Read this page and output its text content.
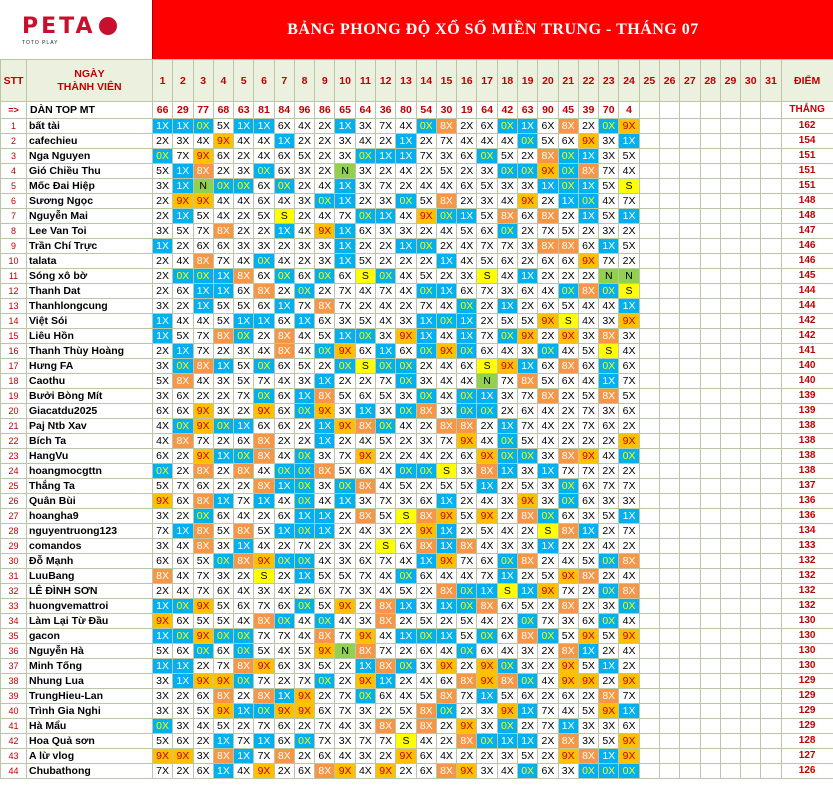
PETA
TOTO PLAY
BẢNG PHONG ĐỘ XỔ SỐ MIỀN TRUNG - THÁNG 07
STT	NGÀY
THÀNH VIÊN	1	2	3	4	5	6	7	8	9	10	11	12	13	14	15	16	17	18	19	20	21	22	23	24	25	26	27	28	29	30	31	ĐIỂM
=>	DÀN TOP MT	66	29	77	68	63	81	84	96	86	65	64	36	80	54	30	19	64	42	63	90	45	39	70	4								THẮNG
1	bất tài	1X	1X	0X	5X	1X	1X	6X	4X	2X	1X	3X	7X	4X	0X	8X	2X	6X	0X	1X	6X	8X	2X	0X	9X								162
2	cafechieu	2X	3X	4X	9X	4X	4X	1X	2X	2X	3X	4X	2X	1X	2X	7X	4X	4X	4X	0X	5X	6X	9X	3X	1X								154
3	Nga Nguyen	0X	7X	9X	6X	2X	4X	6X	5X	2X	3X	0X	1X	1X	7X	3X	6X	0X	5X	2X	8X	0X	1X	3X	5X								151
4	Gió Chiều Thu	5X	1X	8X	2X	3X	0X	6X	3X	2X	N	3X	2X	4X	2X	5X	2X	3X	0X	0X	9X	0X	8X	7X	4X								151
5	Mốc Đai Hiệp	3X	1X	N	0X	0X	6X	0X	2X	4X	1X	3X	7X	2X	4X	4X	6X	5X	3X	3X	1X	0X	1X	5X	S								151
6	Sương Ngọc	2X	9X	9X	4X	4X	6X	4X	3X	0X	1X	2X	3X	0X	5X	8X	2X	3X	4X	9X	2X	1X	0X	4X	7X								148
7	Nguyễn Mai	2X	1X	5X	4X	2X	5X	S	2X	4X	7X	0X	1X	4X	9X	0X	1X	5X	8X	6X	8X	2X	1X	5X	1X								148
8	Lee Van Toi	3X	5X	7X	8X	2X	2X	1X	4X	9X	1X	6X	3X	3X	2X	4X	5X	6X	0X	2X	7X	5X	2X	3X	2X								147
9	Trần Chí Trực	1X	2X	6X	6X	3X	3X	2X	3X	3X	1X	2X	2X	1X	0X	2X	4X	7X	7X	3X	8X	8X	6X	1X	5X								146
10	talata	2X	4X	8X	7X	4X	0X	4X	2X	3X	1X	5X	2X	2X	2X	1X	4X	5X	6X	2X	6X	6X	9X	7X	2X								146
11	Sóng xô bờ	2X	0X	0X	1X	8X	6X	0X	6X	0X	6X	S	0X	4X	5X	2X	3X	S	4X	1X	2X	2X	2X	N	N								145
12	Thanh Dat	2X	6X	1X	1X	6X	8X	2X	0X	2X	7X	4X	7X	4X	0X	1X	6X	7X	3X	6X	4X	0X	8X	0X	S								144
13	Thanhlongcung	3X	2X	1X	5X	5X	6X	1X	7X	8X	7X	2X	4X	2X	7X	4X	0X	2X	1X	2X	6X	5X	4X	4X	1X								144
14	Việt Sói	1X	4X	4X	5X	1X	1X	6X	1X	6X	3X	5X	4X	3X	1X	0X	1X	2X	5X	5X	9X	S	4X	3X	9X								142
15	Liêu Hồn	1X	5X	7X	8X	0X	2X	8X	4X	5X	1X	0X	3X	9X	1X	4X	1X	7X	0X	9X	2X	9X	3X	8X	3X								142
16	Thanh Thùy Hoàng	2X	1X	7X	2X	3X	4X	8X	4X	0X	9X	6X	1X	6X	0X	9X	0X	6X	4X	3X	0X	4X	5X	S	4X								141
17	Hưng FA	3X	0X	8X	1X	5X	0X	6X	5X	2X	0X	S	0X	0X	2X	4X	6X	S	9X	1X	6X	8X	6X	0X	6X								140
18	Caothu	5X	8X	4X	3X	5X	7X	4X	3X	1X	2X	2X	7X	0X	3X	4X	4X	N	7X	8X	5X	6X	4X	1X	7X								140
19	Bưởi Bòng Mít	3X	6X	2X	2X	7X	0X	6X	1X	8X	5X	6X	5X	3X	0X	4X	0X	1X	3X	7X	8X	2X	5X	8X	5X								139
20	Giacatdu2025	6X	6X	9X	3X	2X	9X	6X	0X	9X	3X	1X	3X	0X	8X	3X	0X	0X	2X	6X	4X	2X	7X	3X	6X								139
21	Paj Ntb Xav	4X	0X	9X	0X	1X	6X	6X	2X	1X	9X	8X	0X	4X	2X	8X	8X	2X	1X	7X	4X	2X	7X	6X	2X								138
22	Bích Ta	4X	8X	7X	2X	6X	8X	2X	2X	1X	2X	4X	5X	2X	3X	7X	9X	4X	0X	5X	4X	2X	2X	2X	9X								138
23	HangVu	6X	2X	9X	1X	0X	8X	4X	0X	3X	7X	9X	2X	2X	4X	2X	6X	9X	0X	0X	3X	8X	9X	4X	0X								138
24	hoangmocgttn	0X	2X	8X	2X	8X	4X	0X	0X	8X	5X	6X	4X	0X	0X	S	3X	8X	1X	3X	1X	7X	7X	2X	2X								138
25	Thắng Ta	5X	7X	6X	2X	2X	8X	1X	0X	3X	0X	8X	4X	5X	2X	5X	5X	1X	2X	5X	3X	0X	6X	7X	7X								137
26	Quân Bùi	9X	6X	8X	1X	7X	1X	4X	0X	4X	1X	3X	7X	3X	6X	1X	2X	4X	3X	9X	3X	0X	6X	3X	3X								136
27	hoangha9	3X	2X	0X	6X	4X	2X	6X	1X	1X	2X	8X	5X	S	8X	9X	5X	9X	2X	8X	0X	6X	3X	5X	1X								136
28	nguyentruong123	7X	1X	8X	5X	8X	5X	1X	0X	1X	2X	4X	3X	2X	9X	1X	2X	5X	4X	2X	S	8X	1X	2X	7X								134
29	comandos	3X	4X	8X	3X	1X	4X	2X	7X	2X	3X	2X	S	6X	8X	1X	8X	4X	3X	3X	1X	2X	2X	4X	2X								133
30	Đỗ Mạnh	6X	6X	5X	0X	8X	9X	0X	0X	4X	3X	6X	7X	4X	1X	9X	7X	6X	0X	8X	2X	4X	5X	0X	8X								132
31	LuuBang	8X	4X	7X	3X	2X	S	2X	1X	5X	5X	7X	4X	0X	6X	4X	4X	7X	1X	2X	5X	9X	8X	2X	4X								132
32	LÊ ĐÌNH SƠN	2X	4X	7X	6X	4X	3X	4X	2X	6X	7X	3X	4X	5X	2X	8X	0X	1X	S	1X	9X	7X	2X	0X	8X								132
33	huongvemattroi	1X	0X	9X	5X	6X	7X	6X	0X	5X	9X	2X	8X	1X	3X	1X	0X	8X	6X	5X	2X	8X	2X	3X	0X								132
34	Làm Lại Từ Đầu	9X	6X	5X	5X	4X	8X	0X	4X	0X	4X	3X	8X	2X	5X	2X	5X	4X	2X	0X	7X	3X	6X	0X	4X								130
35	gacon	1X	0X	9X	0X	0X	7X	7X	4X	8X	7X	9X	4X	1X	0X	1X	5X	0X	6X	8X	0X	5X	9X	5X	9X								130
36	Nguyễn Hà	5X	6X	0X	6X	0X	5X	4X	5X	9X	N	8X	7X	2X	6X	4X	0X	6X	4X	3X	2X	8X	1X	2X	4X								130
37	Minh Tống	1X	1X	2X	7X	8X	9X	6X	3X	5X	2X	1X	8X	0X	3X	9X	2X	9X	0X	3X	2X	9X	5X	1X	2X								130
38	Nhung Lua	3X	1X	9X	9X	0X	7X	2X	7X	0X	2X	9X	1X	2X	4X	6X	8X	9X	8X	0X	4X	9X	9X	2X	9X								129
39	TrungHieu-Lan	3X	2X	6X	8X	2X	8X	1X	9X	2X	7X	0X	6X	4X	5X	8X	7X	1X	5X	6X	2X	6X	2X	8X	7X								129
40	Trình Gia Nghi	3X	3X	5X	9X	1X	0X	9X	9X	6X	7X	3X	2X	5X	8X	0X	2X	3X	9X	1X	7X	4X	5X	9X	1X								129
41	Hà Mẩu	0X	3X	4X	5X	2X	7X	6X	2X	7X	4X	3X	8X	2X	8X	2X	9X	3X	0X	2X	7X	1X	3X	3X	6X								129
42	Hoa Quả sơn	5X	6X	2X	1X	7X	1X	6X	0X	7X	3X	7X	7X	S	4X	2X	8X	0X	1X	1X	2X	8X	3X	5X	9X								128
43	A lừ vlog	9X	9X	3X	8X	1X	7X	8X	2X	6X	4X	3X	2X	9X	6X	4X	2X	2X	3X	5X	2X	9X	8X	1X	9X								127
44	Chubathong	7X	2X	6X	1X	4X	9X	2X	6X	8X	9X	4X	9X	2X	6X	8X	9X	3X	4X	0X	6X	3X	0X	0X	0X								126
